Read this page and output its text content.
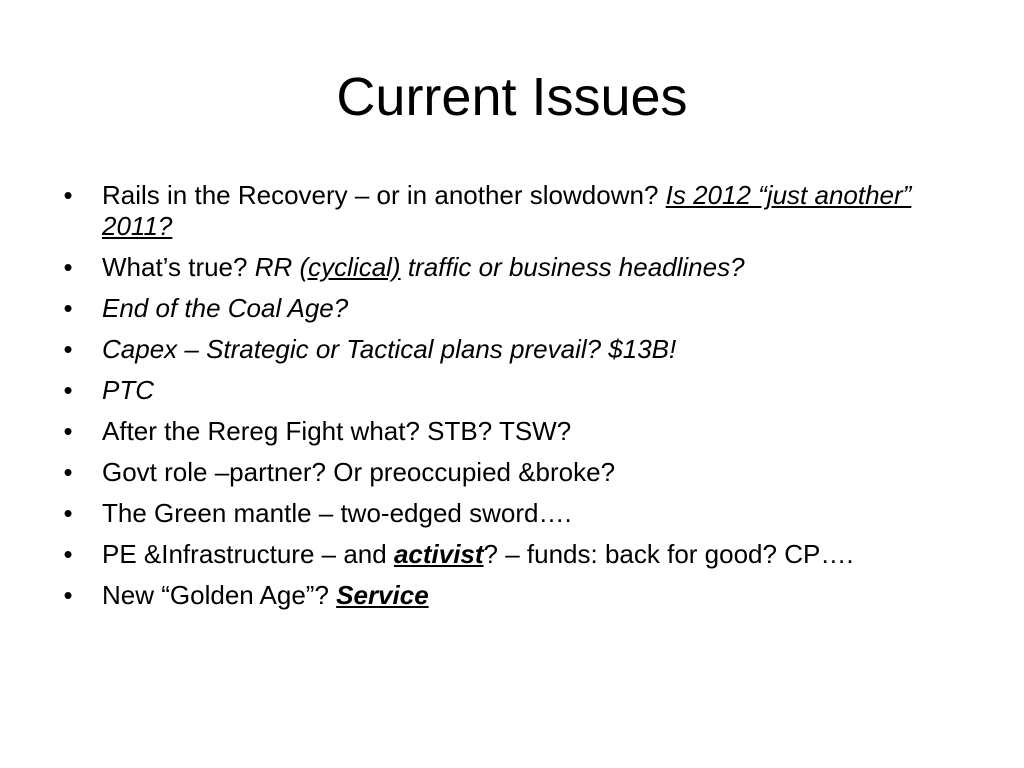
Current Issues
• Rails in the Recovery – or in another slowdown? Is 2012 “just another” 2011?
• What’s true? RR (cyclical) traffic or business headlines?
• End of the Coal Age?
• Capex – Strategic or Tactical plans prevail? $13B!
• PTC
• After the Rereg Fight what? STB? TSW?
• Govt role –partner? Or preoccupied &broke?
• The Green mantle – two-edged sword….
• PE &Infrastructure – and activist? – funds: back for good? CP….
• New “Golden Age”? Service
